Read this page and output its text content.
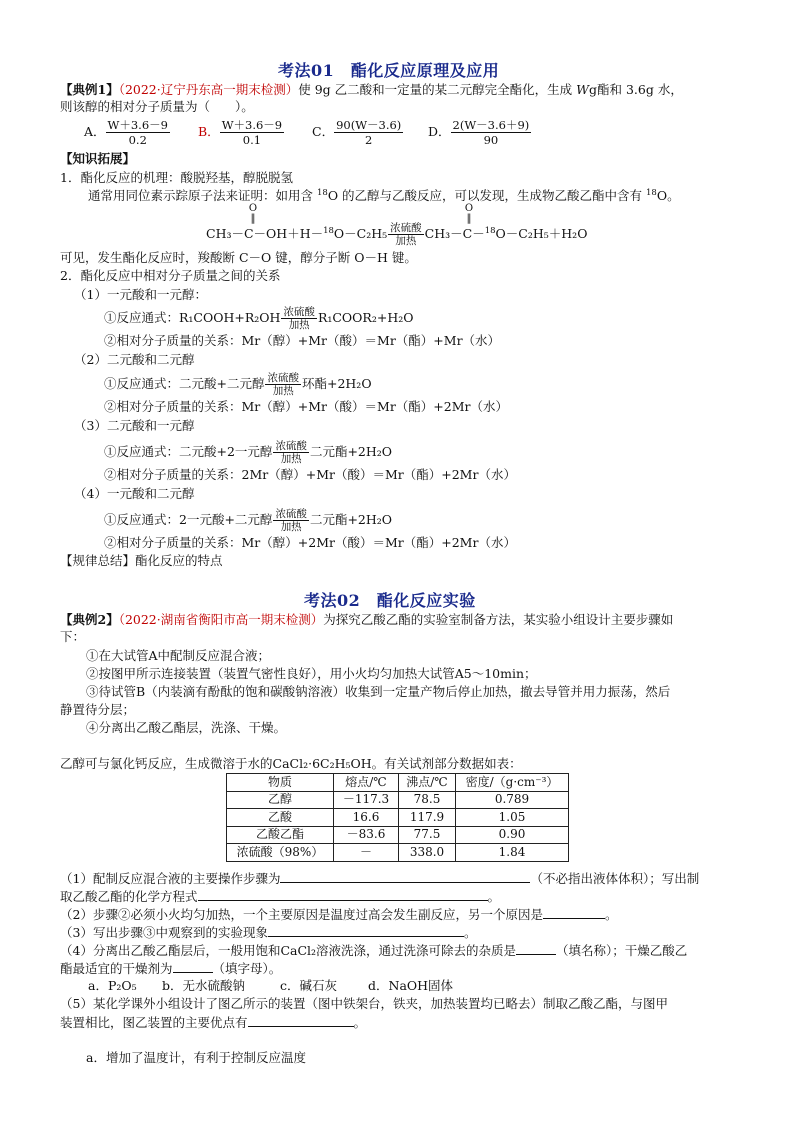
考法01　酯化反应原理及应用
【典例1】（2022·辽宁丹东高一期末检测）使 9g 乙二酸和一定量的某二元醇完全酯化，生成 Wg酯和 3.6g 水，
则该醇的相对分子质量为（　　）。
A． $\frac{W+3.6-9}{0.2}$ B． $\frac{W+3.6-9}{0.1}$ C． $\frac{90(W-3.6)}{2}$ D． $\frac{2(W-3.6+9)}{90}$
【知识拓展】
1．酯化反应的机理：酸脱羟基，醇脱脱氢
通常用同位素示踪原子法来证明：如用含 $^{18}$O 的乙醇与乙酸反应，可以发现，生成物乙酸乙酯中含有 $^{18}$O。
O
‖
O
‖
CH₃－C－OH＋H－$^{18}$O－C₂H₅ 浓硫酸
加热 CH₃－C－$^{18}$O－C₂H₅＋H₂O
可见，发生酯化反应时，羧酸断 C－O 键，醇分子断 O－H 键。
2．酯化反应中相对分子质量之间的关系
（1）一元酸和一元醇：
①反应通式：R₁COOH+R₂OH 浓硫酸
加热 R₁COOR₂+H₂O
②相对分子质量的关系：Mr（醇）+Mr（酸）＝Mr（酯）+Mr（水）
（2）二元酸和二元醇
①反应通式：二元酸+二元醇 浓硫酸
加热 环酯+2H₂O
②相对分子质量的关系：Mr（醇）+Mr（酸）＝Mr（酯）+2Mr（水）
（3）二元酸和一元醇
①反应通式：二元酸+2一元醇 浓硫酸
加热 二元酯+2H₂O
②相对分子质量的关系：2Mr（醇）+Mr（酸）＝Mr（酯）+2Mr（水）
（4）一元酸和二元醇
①反应通式：2一元酸+二元醇 浓硫酸
加热 二元酯+2H₂O
②相对分子质量的关系：Mr（醇）+2Mr（酸）＝Mr（酯）+2Mr（水）
【规律总结】酯化反应的特点
考法02　酯化反应实验
【典例2】（2022·湖南省衡阳市高一期末检测）为探究乙酸乙酯的实验室制备方法，某实验小组设计主要步骤如
下：
①在大试管A中配制反应混合液；
②按图甲所示连接装置（装置气密性良好），用小火均匀加热大试管A5～10min；
③待试管B（内装滴有酚酞的饱和碳酸钠溶液）收集到一定量产物后停止加热，撤去导管并用力振荡，然后
静置待分层；
④分离出乙酸乙酯层，洗涤、干燥。
乙醇可与氯化钙反应，生成微溶于水的CaCl₂·6C₂H₅OH。有关试剂部分数据如表：
物质	熔点/℃	沸点/℃	密度/（g·cm⁻³）
乙醇	－117.3	78.5	0.789
乙酸	16.6	117.9	1.05
乙酸乙酯	－83.6	77.5	0.90
浓硫酸（98%）	－	338.0	1.84
（1）配制反应混合液的主要操作步骤为	（不必指出液体体积）；写出制
取乙酸乙酯的化学方程式	。
（2）步骤②必须小火均匀加热，一个主要原因是温度过高会发生副反应，另一个原因是	。
（3）写出步骤③中观察到的实验现象	。
（4）分离出乙酸乙酯层后，一般用饱和CaCl₂溶液洗涤，通过洗涤可除去的杂质是	（填名称）；干燥乙酸乙
酯最适宜的干燥剂为	（填字母）。
a．P₂O₅ b．无水硫酸钠	c．碱石灰 d．NaOH固体
（5）某化学课外小组设计了图乙所示的装置（图中铁架台，铁夹，加热装置均已略去）制取乙酸乙酯，与图甲
装置相比，图乙装置的主要优点有	。
a．增加了温度计，有利于控制反应温度
